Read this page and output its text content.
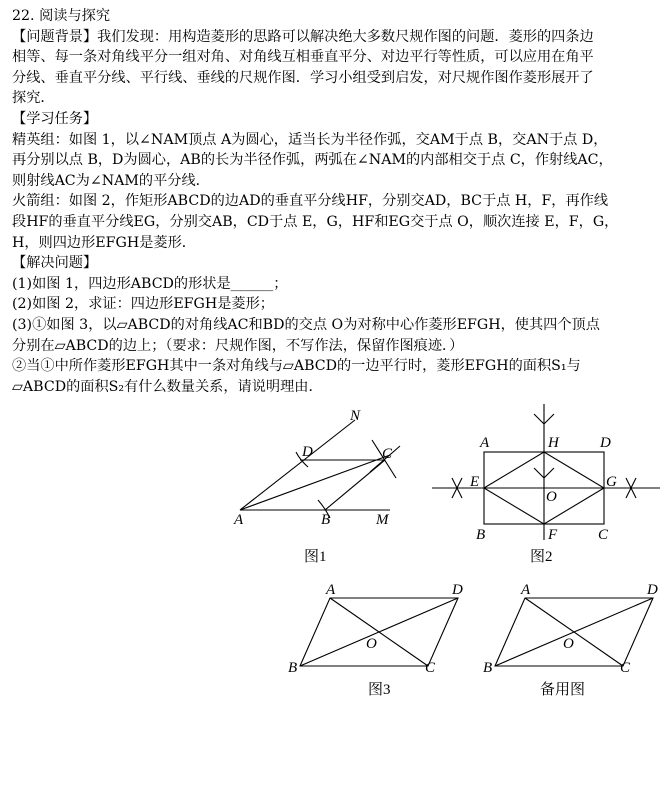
22. 阅读与探究

【问题背景】我们发现：用构造菱形的思路可以解决绝大多数尺规作图的问题．菱形的四条边

相等、每一条对角线平分一组对角、对角线互相垂直平分、对边平行等性质，可以应用在角平

分线、垂直平分线、平行线、垂线的尺规作图．学习小组受到启发，对尺规作图作菱形展开了

探究．

【学习任务】

精英组：如图 1，以∠NAM顶点 A为圆心，适当长为半径作弧，交AM于点 B，交AN于点 D，

再分别以点 B，D为圆心，AB的长为半径作弧，两弧在∠NAM的内部相交于点 C，作射线AC，

则射线AC为∠NAM的平分线．

火箭组：如图 2，作矩形ABCD的边AD的垂直平分线HF，分别交AD，BC于点 H，F，再作线

段HF的垂直平分线EG，分别交AB，CD于点 E，G，HF和EG交于点 O，顺次连接 E，F，G，

H，则四边形EFGH是菱形．

【解决问题】

(1)如图 1，四边形ABCD的形状是______；

(2)如图 2，求证：四边形EFGH是菱形；

(3)①如图 3，以▱ABCD的对角线AC和BD的交点 O为对称中心作菱形EFGH，使其四个顶点

分别在▱ABCD的边上；（要求：尺规作图，不写作法，保留作图痕迹．）

②当①中所作菱形EFGH其中一条对角线与▱ABCD的一边平行时，菱形EFGH的面积S₁与

▱ABCD的面积S₂有什么数量关系，请说明理由．

N
D	C
A	B	M
图1
A	H	D
E
O
G
B	F	C
图2
A	D
O
B	C
图3
A	D
O
B	C
备用图
